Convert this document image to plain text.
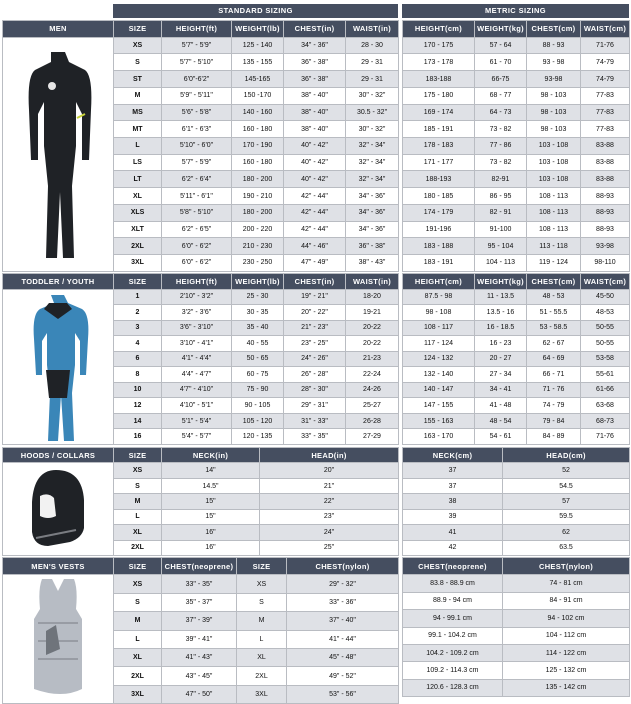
STANDARD SIZING	METRIC SIZING
MEN	SIZE	HEIGHT(ft)	WEIGHT(lb)	CHEST(in)	WAIST(in)

	XS	5'7" - 5'9"	125 - 140	34" - 36"	28 - 30
	S	5'7" - 5'10"	135 - 155	36" - 38"	29 - 31
	ST	6'0"-6'2"	145-165	36" - 38"	29 - 31
	M	5'9" - 5'11"	150 -170	38" - 40"	30" - 32"
	MS	5'6" - 5'8"	140 - 160	38" - 40"	30.5 - 32"
	MT	6'1" - 6'3"	160 - 180	38" - 40"	30" - 32"
	L	5'10" - 6'0"	170 - 190	40" - 42"	32" - 34"
	LS	5'7" - 5'9"	160 - 180	40" - 42"	32" - 34"
	LT	6'2" - 6'4"	180 - 200	40" - 42"	32" - 34"
	XL	5'11" - 6'1"	190 - 210	42" - 44"	34" - 36"
	XLS	5'8" - 5'10"	180 - 200	42" - 44"	34" - 36"
	XLT	6'2" - 6'5"	200 - 220	42" - 44"	34" - 36"
	2XL	6'0" - 6'2"	210 - 230	44" - 46"	36" - 38"
	3XL	6'0" - 6'2"	230 - 250	47" - 49"	38" - 43"
HEIGHT(cm)	WEIGHT(kg)	CHEST(cm)	WAIST(cm)
170 - 175	57 - 64	88 - 93	71-76
173 - 178	61 - 70	93 - 98	74-79
183-188	66-75	93-98	74-79
175 - 180	68 - 77	98 - 103	77-83
169 - 174	64 - 73	98 - 103	77-83
185 - 191	73 - 82	98 - 103	77-83
178 - 183	77 - 86	103 - 108	83-88
171 - 177	73 - 82	103 - 108	83-88
188-193	82-91	103 - 108	83-88
180 - 185	86 - 95	108 - 113	88-93
174 - 179	82 - 91	108 - 113	88-93
191-196	91-100	108 - 113	88-93
183 - 188	95 - 104	113 - 118	93-98
183 - 191	104 - 113	119 - 124	98-110
TODDLER / YOUTH	SIZE	HEIGHT(ft)	WEIGHT(lb)	CHEST(in)	WAIST(in)

	1	2'10" - 3'2"	25 - 30	19" - 21"	18-20
	2	3'2" - 3'6"	30 - 35	20" - 22"	19-21
	3	3'6" - 3'10"	35 - 40	21" - 23"	20-22
	4	3'10" - 4'1"	40 - 55	23" - 25"	20-22
	6	4'1" - 4'4"	50 - 65	24" - 26"	21-23
	8	4'4" - 4'7"	60 - 75	26" - 28"	22-24
	10	4'7" - 4'10"	75 - 90	28" - 30"	24-26
	12	4'10" - 5'1"	90 - 105	29" - 31"	25-27
	14	5'1" - 5'4"	105 - 120	31" - 33"	26-28
	16	5'4" - 5'7"	120 - 135	33" - 35"	27-29
HEIGHT(cm)	WEIGHT(kg)	CHEST(cm)	WAIST(cm)
87.5 - 98	11 - 13.5	48 - 53	45-50
98 - 108	13.5 - 16	51 - 55.5	48-53
108 - 117	16 - 18.5	53 - 58.5	50-55
117 - 124	16 - 23	62 - 67	50-55
124 - 132	20 - 27	64 - 69	53-58
132 - 140	27 - 34	66 - 71	55-61
140 - 147	34 - 41	71 - 76	61-66
147 - 155	41 - 48	74 - 79	63-68
155 - 163	48 - 54	79 - 84	68-73
163 - 170	54 - 61	84 - 89	71-76
HOODS / COLLARS	SIZE	NECK(in)	HEAD(in)

	XS	14"	20"
	S	14.5"	21"
	M	15"	22"
	L	15"	23"
	XL	16"	24"
	2XL	16"	25"
NECK(cm)	HEAD(cm)
37	52
37	54.5
38	57
39	59.5
41	62
42	63.5
MEN'S VESTS	SIZE	CHEST(neoprene)	SIZE	CHEST(nylon)

	XS	33" - 35"	XS	29" - 32"
	S	35" - 37"	S	33" - 36"
	M	37" - 39"	M	37" - 40"
	L	39" - 41"	L	41" - 44"
	XL	41" - 43"	XL	45" - 48"
	2XL	43" - 45"	2XL	49" - 52"
	3XL	47" - 50"	3XL	53" - 56"
CHEST(neoprene)	CHEST(nylon)
83.8 - 88.9 cm	74 - 81 cm
88.9 - 94 cm	84 - 91 cm
94 - 99.1 cm	94 - 102 cm
99.1 - 104.2 cm	104 - 112 cm
104.2 - 109.2 cm	114 - 122 cm
109.2 - 114.3 cm	125 - 132 cm
120.6 - 128.3 cm	135 - 142 cm
